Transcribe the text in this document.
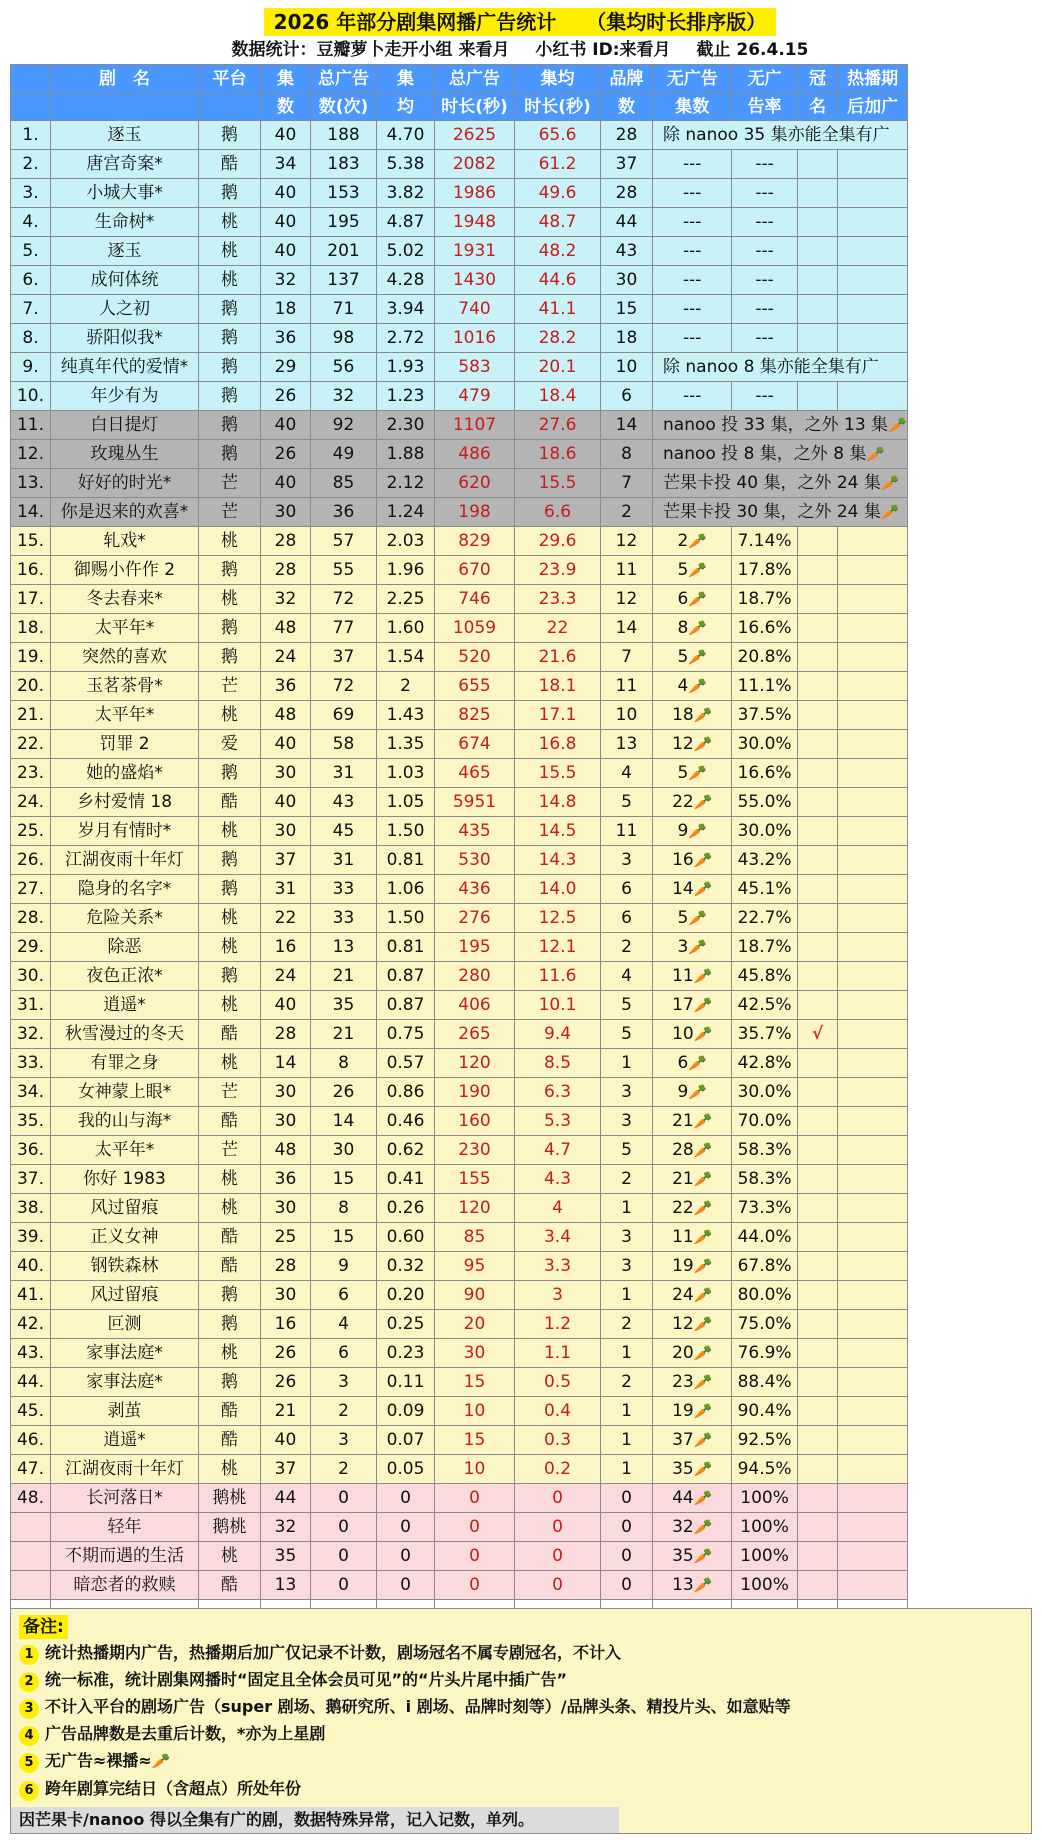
2026 年部分剧集网播广告统计　　（集均时长排序版）
数据统计：豆瓣萝卜走开小组 来看月 小红书 ID:来看月 截止 26.4.15
	剧　名	平台	集	总广告	集	总广告	集均	品牌	无广告	无广	冠	热播期
			数	数(次)	均	时长(秒)	时长(秒)	数	集数	告率	名	后加广
1.	逐玉	鹅	40	188	4.70	2625	65.6	28	除 nanoo 35 集亦能全集有广			
2.	唐宫奇案*	酷	34	183	5.38	2082	61.2	37	---	---		
3.	小城大事*	鹅	40	153	3.82	1986	49.6	28	---	---		
4.	生命树*	桃	40	195	4.87	1948	48.7	44	---	---		
5.	逐玉	桃	40	201	5.02	1931	48.2	43	---	---		
6.	成何体统	桃	32	137	4.28	1430	44.6	30	---	---		
7.	人之初	鹅	18	71	3.94	740	41.1	15	---	---		
8.	骄阳似我*	鹅	36	98	2.72	1016	28.2	18	---	---		
9.	纯真年代的爱情*	鹅	29	56	1.93	583	20.1	10	除 nanoo 8 集亦能全集有广			
10.	年少有为	鹅	26	32	1.23	479	18.4	6	---	---		
11.	白日提灯	鹅	40	92	2.30	1107	27.6	14	nanoo 投 33 集，之外 13 集🥕			
12.	玫瑰丛生	鹅	26	49	1.88	486	18.6	8	nanoo 投 8 集，之外 8 集🥕			
13.	好好的时光*	芒	40	85	2.12	620	15.5	7	芒果卡投 40 集，之外 24 集🥕			
14.	你是迟来的欢喜*	芒	30	36	1.24	198	6.6	2	芒果卡投 30 集，之外 24 集🥕			
15.	轧戏*	桃	28	57	2.03	829	29.6	12	2🥕	7.14%		
16.	御赐小仵作 2	鹅	28	55	1.96	670	23.9	11	5🥕	17.8%		
17.	冬去春来*	桃	32	72	2.25	746	23.3	12	6🥕	18.7%		
18.	太平年*	鹅	48	77	1.60	1059	22	14	8🥕	16.6%		
19.	突然的喜欢	鹅	24	37	1.54	520	21.6	7	5🥕	20.8%		
20.	玉茗茶骨*	芒	36	72	2	655	18.1	11	4🥕	11.1%		
21.	太平年*	桃	48	69	1.43	825	17.1	10	18🥕	37.5%		
22.	罚罪 2	爱	40	58	1.35	674	16.8	13	12🥕	30.0%		
23.	她的盛焰*	鹅	30	31	1.03	465	15.5	4	5🥕	16.6%		
24.	乡村爱情 18	酷	40	43	1.05	5951	14.8	5	22🥕	55.0%		
25.	岁月有情时*	桃	30	45	1.50	435	14.5	11	9🥕	30.0%		
26.	江湖夜雨十年灯	鹅	37	31	0.81	530	14.3	3	16🥕	43.2%		
27.	隐身的名字*	鹅	31	33	1.06	436	14.0	6	14🥕	45.1%		
28.	危险关系*	桃	22	33	1.50	276	12.5	6	5🥕	22.7%		
29.	除恶	桃	16	13	0.81	195	12.1	2	3🥕	18.7%		
30.	夜色正浓*	鹅	24	21	0.87	280	11.6	4	11🥕	45.8%		
31.	逍遥*	桃	40	35	0.87	406	10.1	5	17🥕	42.5%		
32.	秋雪漫过的冬天	酷	28	21	0.75	265	9.4	5	10🥕	35.7%	√	
33.	有罪之身	桃	14	8	0.57	120	8.5	1	6🥕	42.8%		
34.	女神蒙上眼*	芒	30	26	0.86	190	6.3	3	9🥕	30.0%		
35.	我的山与海*	酷	30	14	0.46	160	5.3	3	21🥕	70.0%		
36.	太平年*	芒	48	30	0.62	230	4.7	5	28🥕	58.3%		
37.	你好 1983	桃	36	15	0.41	155	4.3	2	21🥕	58.3%		
38.	风过留痕	桃	30	8	0.26	120	4	1	22🥕	73.3%		
39.	正义女神	酷	25	15	0.60	85	3.4	3	11🥕	44.0%		
40.	钢铁森林	酷	28	9	0.32	95	3.3	3	19🥕	67.8%		
41.	风过留痕	鹅	30	6	0.20	90	3	1	24🥕	80.0%		
42.	叵测	鹅	16	4	0.25	20	1.2	2	12🥕	75.0%		
43.	家事法庭*	桃	26	6	0.23	30	1.1	1	20🥕	76.9%		
44.	家事法庭*	鹅	26	3	0.11	15	0.5	2	23🥕	88.4%		
45.	剥茧	酷	21	2	0.09	10	0.4	1	19🥕	90.4%		
46.	逍遥*	酷	40	3	0.07	15	0.3	1	37🥕	92.5%		
47.	江湖夜雨十年灯	桃	37	2	0.05	10	0.2	1	35🥕	94.5%		
48.	长河落日*	鹅桃	44	0	0	0	0	0	44🥕	100%		
	轻年	鹅桃	32	0	0	0	0	0	32🥕	100%		
	不期而遇的生活	桃	35	0	0	0	0	0	35🥕	100%		
	暗恋者的救赎	酷	13	0	0	0	0	0	13🥕	100%		

备注:
1 统计热播期内广告，热播期后加广仅记录不计数，剧场冠名不属专剧冠名，不计入
2 统一标准，统计剧集网播时“固定且全体会员可见”的“片头片尾中插广告”
3 不计入平台的剧场广告（super 剧场、鹅研究所、i 剧场、品牌时刻等）/品牌头条、精投片头、如意贴等
4 广告品牌数是去重后计数，*亦为上星剧
5 无广告≈裸播≈🥕
6 跨年剧算完结日（含超点）所处年份
因芒果卡/nanoo 得以全集有广的剧，数据特殊异常，记入记数，单列。
